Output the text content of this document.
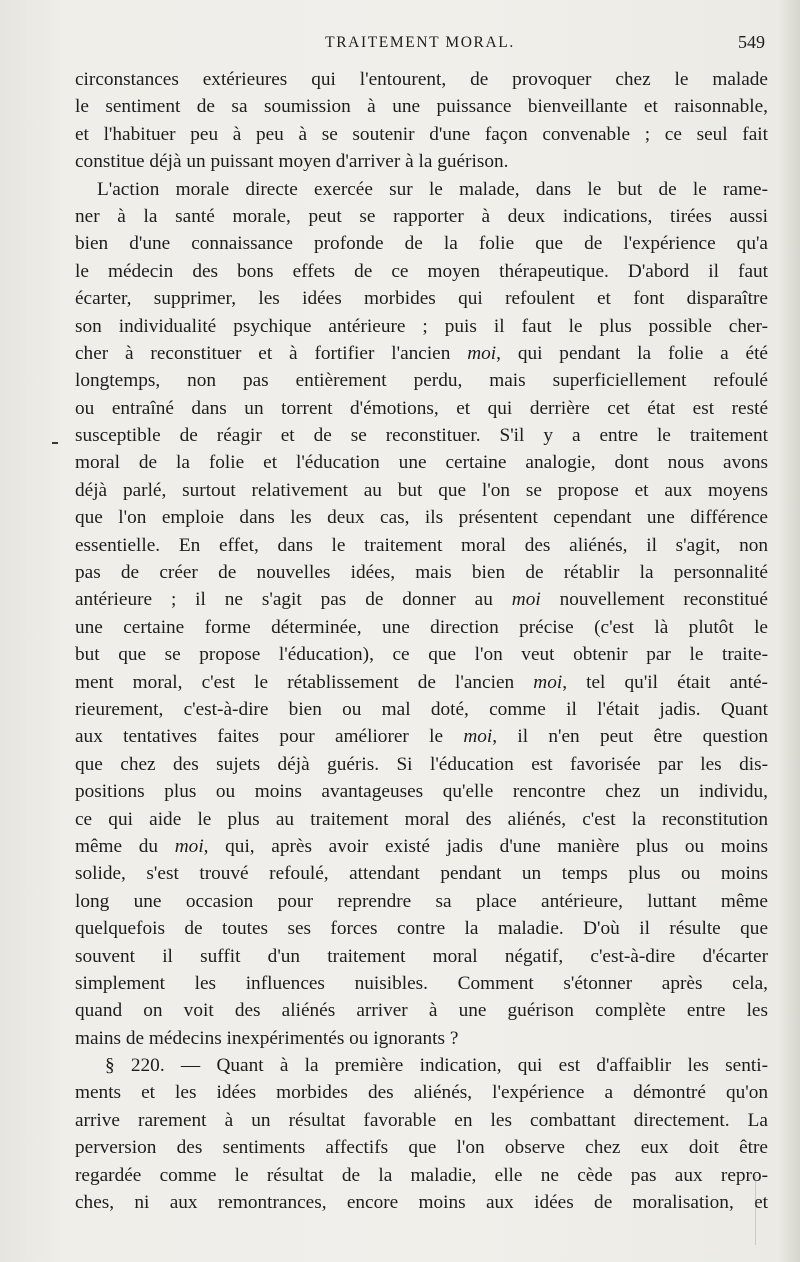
TRAITEMENT MORAL.	549
circonstances extérieures qui l'entourent, de provoquer chez le malade
le sentiment de sa soumission à une puissance bienveillante et raisonnable,
et l'habituer peu à peu à se soutenir d'une façon convenable ; ce seul fait
constitue déjà un puissant moyen d'arriver à la guérison.
L'action morale directe exercée sur le malade, dans le but de le rame-
ner à la santé morale, peut se rapporter à deux indications, tirées aussi
bien d'une connaissance profonde de la folie que de l'expérience qu'a
le médecin des bons effets de ce moyen thérapeutique. D'abord il faut
écarter, supprimer, les idées morbides qui refoulent et font disparaître
son individualité psychique antérieure ; puis il faut le plus possible cher-
cher à reconstituer et à fortifier l'ancien moi, qui pendant la folie a été
longtemps, non pas entièrement perdu, mais superficiellement refoulé
ou entraîné dans un torrent d'émotions, et qui derrière cet état est resté
susceptible de réagir et de se reconstituer. S'il y a entre le traitement
moral de la folie et l'éducation une certaine analogie, dont nous avons
déjà parlé, surtout relativement au but que l'on se propose et aux moyens
que l'on emploie dans les deux cas, ils présentent cependant une différence
essentielle. En effet, dans le traitement moral des aliénés, il s'agit, non
pas de créer de nouvelles idées, mais bien de rétablir la personnalité
antérieure ; il ne s'agit pas de donner au moi nouvellement reconstitué
une certaine forme déterminée, une direction précise (c'est là plutôt le
but que se propose l'éducation), ce que l'on veut obtenir par le traite-
ment moral, c'est le rétablissement de l'ancien moi, tel qu'il était anté-
rieurement, c'est-à-dire bien ou mal doté, comme il l'était jadis. Quant
aux tentatives faites pour améliorer le moi, il n'en peut être question
que chez des sujets déjà guéris. Si l'éducation est favorisée par les dis-
positions plus ou moins avantageuses qu'elle rencontre chez un individu,
ce qui aide le plus au traitement moral des aliénés, c'est la reconstitution
même du moi, qui, après avoir existé jadis d'une manière plus ou moins
solide, s'est trouvé refoulé, attendant pendant un temps plus ou moins
long une occasion pour reprendre sa place antérieure, luttant même
quelquefois de toutes ses forces contre la maladie. D'où il résulte que
souvent il suffit d'un traitement moral négatif, c'est-à-dire d'écarter
simplement les influences nuisibles. Comment s'étonner après cela,
quand on voit des aliénés arriver à une guérison complète entre les
mains de médecins inexpérimentés ou ignorants ?
§ 220. — Quant à la première indication, qui est d'affaiblir les senti-
ments et les idées morbides des aliénés, l'expérience a démontré qu'on
arrive rarement à un résultat favorable en les combattant directement. La
perversion des sentiments affectifs que l'on observe chez eux doit être
regardée comme le résultat de la maladie, elle ne cède pas aux repro-
ches, ni aux remontrances, encore moins aux idées de moralisation, et
